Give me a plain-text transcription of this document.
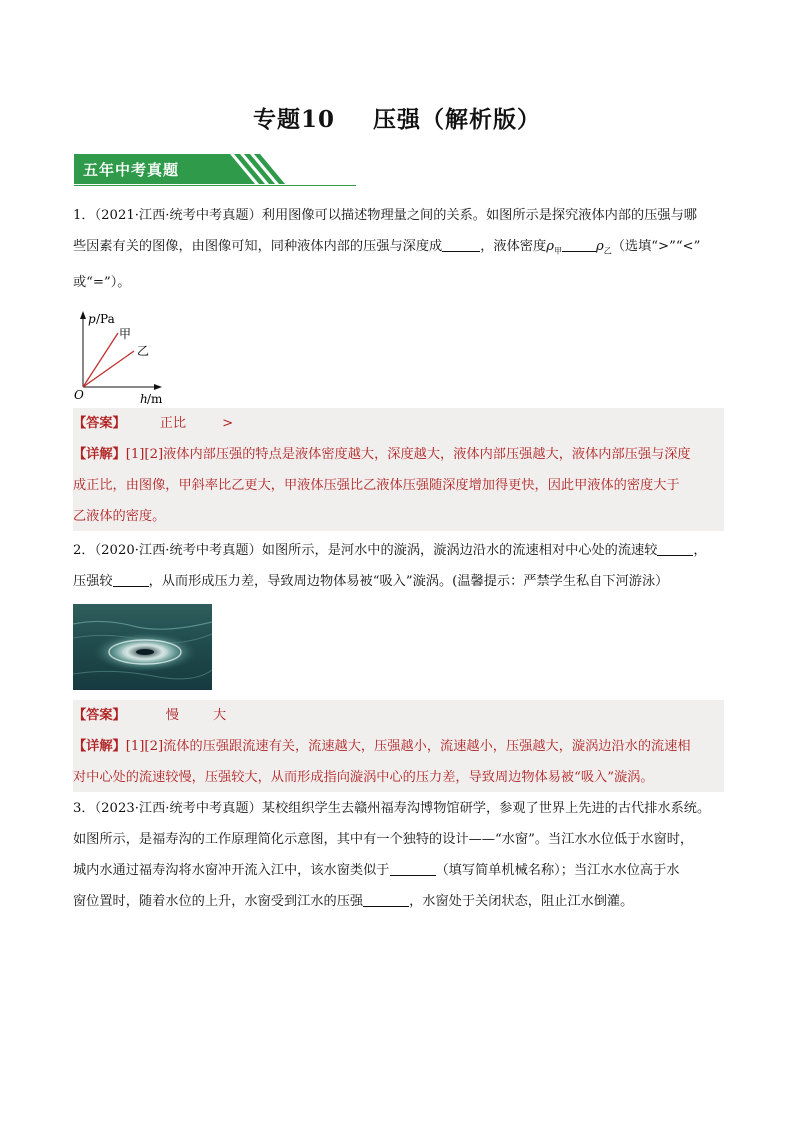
专题10 压强（解析版）
五年中考真题
1．（2021·江西·统考中考真题）利用图像可以描述物理量之间的关系。如图所示是探究液体内部的压强与哪
些因素有关的图像，由图像可知，同种液体内部的压强与深度成	，液体密度$\rho_甲$	$\rho_乙$（选填“>”“<”
或“=”）。
p /Pa
甲
乙
O	h /m
【答案】	正比	>
【详解】[1][2]液体内部压强的特点是液体密度越大，深度越大，液体内部压强越大，液体内部压强与深度
成正比，由图像，甲斜率比乙更大，甲液体压强比乙液体压强随深度增加得更快，因此甲液体的密度大于
乙液体的密度。
2．（2020·江西·统考中考真题）如图所示，是河水中的漩涡，漩涡边沿水的流速相对中心处的流速较	，
压强较	，从而形成压力差，导致周边物体易被“吸入”漩涡。(温馨提示：严禁学生私自下河游泳）
【答案】	慢	大
【详解】[1][2]流体的压强跟流速有关，流速越大，压强越小，流速越小，压强越大，漩涡边沿水的流速相
对中心处的流速较慢，压强较大，从而形成指向漩涡中心的压力差，导致周边物体易被“吸入”漩涡。
3．（2023·江西·统考中考真题）某校组织学生去赣州福寿沟博物馆研学，参观了世界上先进的古代排水系统。
如图所示，是福寿沟的工作原理简化示意图，其中有一个独特的设计——“水窗”。当江水水位低于水窗时，
城内水通过福寿沟将水窗冲开流入江中，该水窗类似于	（填写简单机械名称）；当江水水位高于水
窗位置时，随着水位的上升，水窗受到江水的压强	，水窗处于关闭状态，阻止江水倒灌。
